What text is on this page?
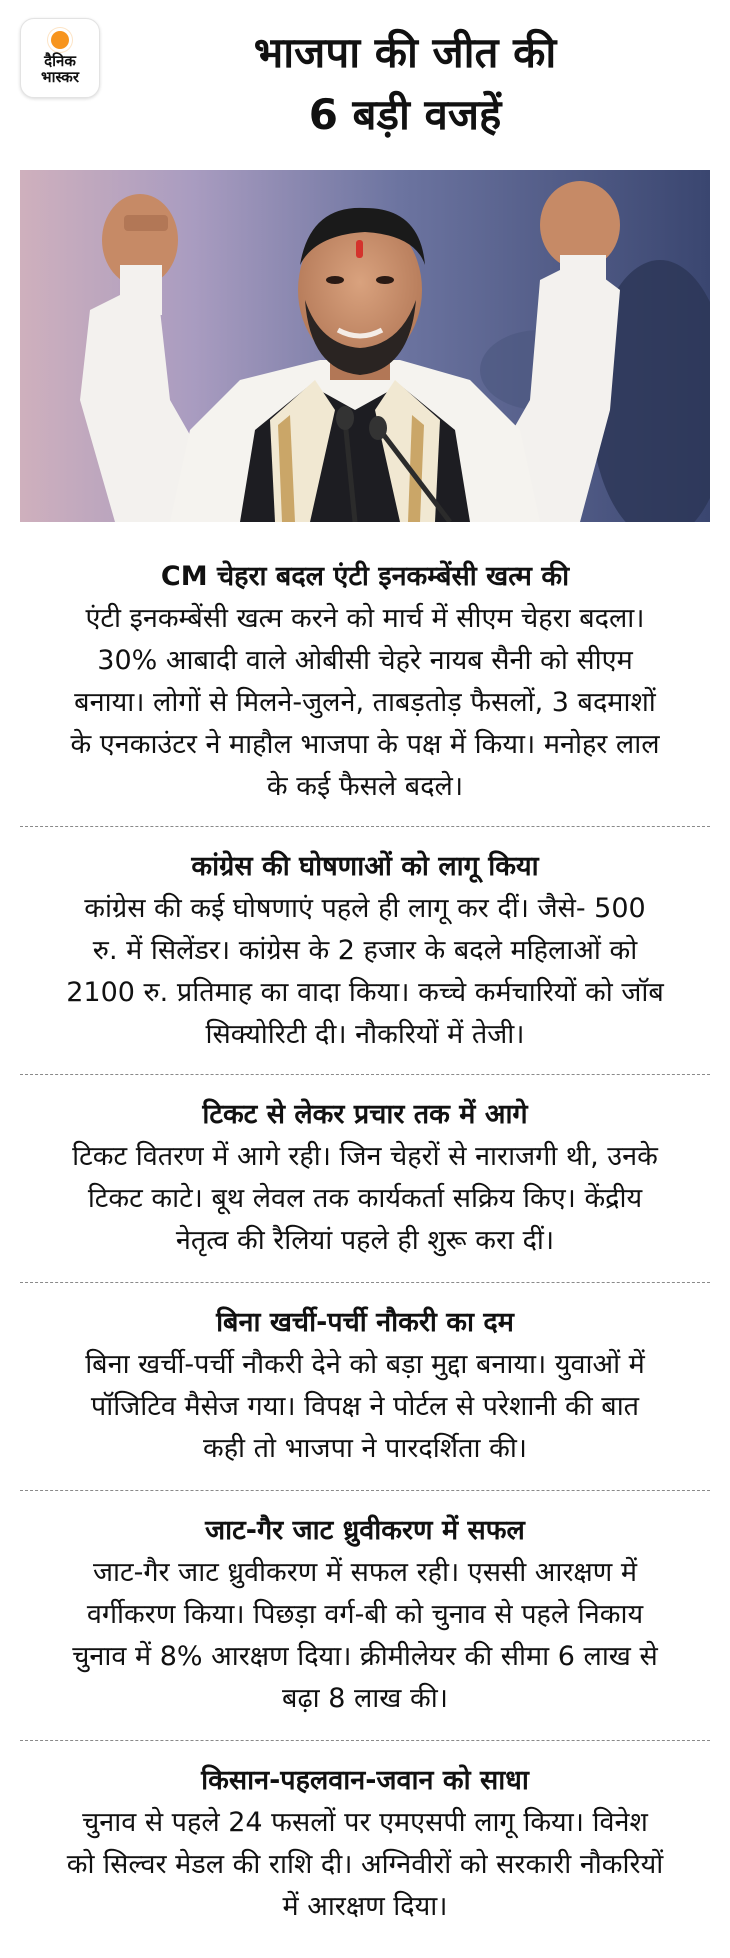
दैनिक
भास्कर	भाजपा की जीत की
6 बड़ी वजहें

CM चेहरा बदल एंटी इनकम्बेंसी खत्म की

एंटी इनकम्बेंसी खत्म करने को मार्च में सीएम चेहरा बदला।

30% आबादी वाले ओबीसी चेहरे नायब सैनी को सीएम

बनाया। लोगों से मिलने-जुलने, ताबड़तोड़ फैसलों, 3 बदमाशों

के एनकाउंटर ने माहौल भाजपा के पक्ष में किया। मनोहर लाल

के कई फैसले बदले।

कांग्रेस की घोषणाओं को लागू किया

कांग्रेस की कई घोषणाएं पहले ही लागू कर दीं। जैसे- 500

रु. में सिलेंडर। कांग्रेस के 2 हजार के बदले महिलाओं को

2100 रु. प्रतिमाह का वादा किया। कच्चे कर्मचारियों को जॉब

सिक्योरिटी दी। नौकरियों में तेजी।

टिकट से लेकर प्रचार तक में आगे

टिकट वितरण में आगे रही। जिन चेहरों से नाराजगी थी, उनके

टिकट काटे। बूथ लेवल तक कार्यकर्ता सक्रिय किए। केंद्रीय

नेतृत्व की रैलियां पहले ही शुरू करा दीं।

बिना खर्ची-पर्ची नौकरी का दम

बिना खर्ची-पर्ची नौकरी देने को बड़ा मुद्दा बनाया। युवाओं में

पॉजिटिव मैसेज गया। विपक्ष ने पोर्टल से परेशानी की बात

कही तो भाजपा ने पारदर्शिता की।

जाट-गैर जाट ध्रुवीकरण में सफल

जाट-गैर जाट ध्रुवीकरण में सफल रही। एससी आरक्षण में

वर्गीकरण किया। पिछड़ा वर्ग-बी को चुनाव से पहले निकाय

चुनाव में 8% आरक्षण दिया। क्रीमीलेयर की सीमा 6 लाख से

बढ़ा 8 लाख की।

किसान-पहलवान-जवान को साधा

चुनाव से पहले 24 फसलों पर एमएसपी लागू किया। विनेश

को सिल्वर मेडल की राशि दी। अग्निवीरों को सरकारी नौकरियों

में आरक्षण दिया।
